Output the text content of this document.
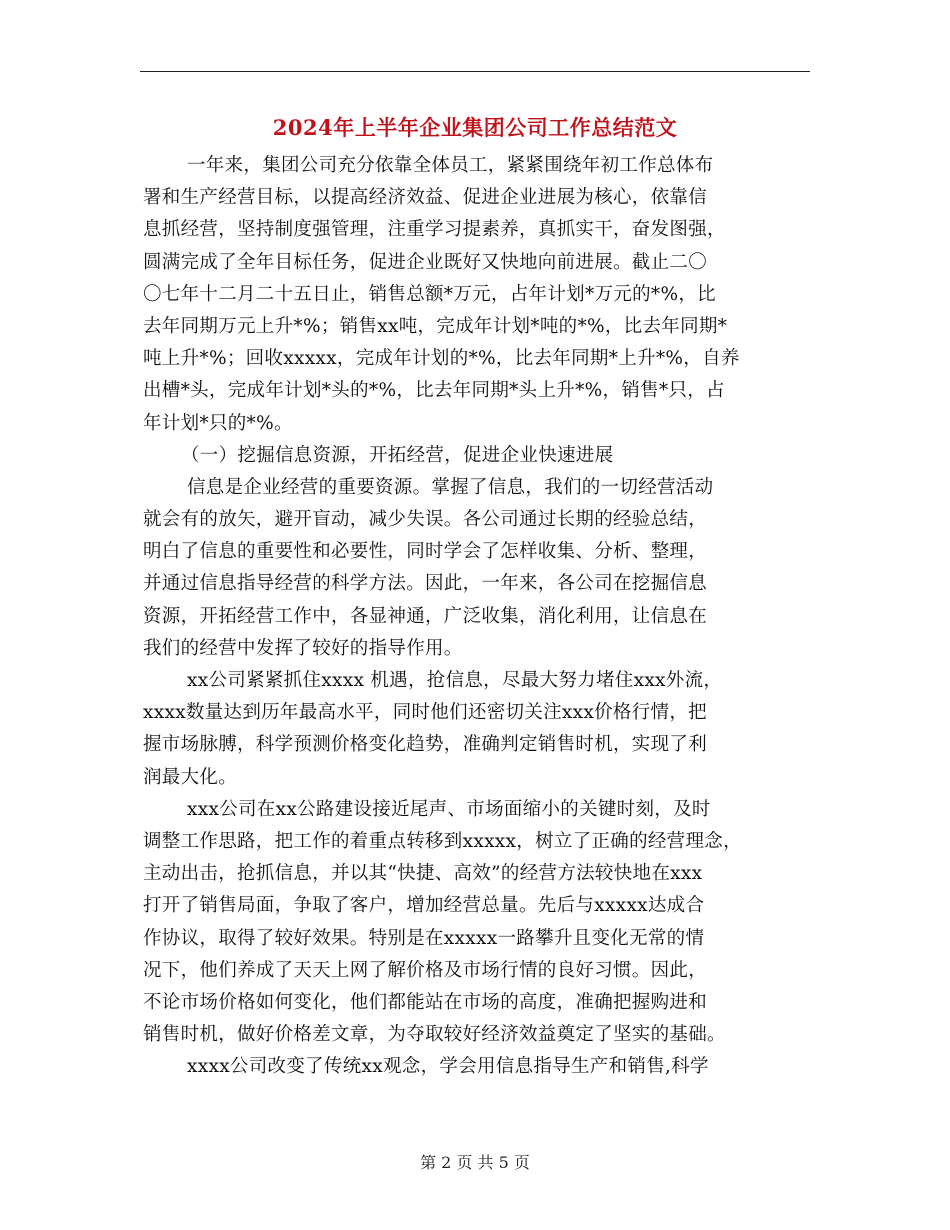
2024年上半年企业集团公司工作总结范文
一年来，集团公司充分依靠全体员工，紧紧围绕年初工作总体布
署和生产经营目标，以提高经济效益、促进企业进展为核心，依靠信
息抓经营，坚持制度强管理，注重学习提素养，真抓实干，奋发图强，
圆满完成了全年目标任务，促进企业既好又快地向前进展。截止二〇
〇七年十二月二十五日止，销售总额*万元，占年计划*万元的*%，比
去年同期万元上升*%；销售xx吨，完成年计划*吨的*%，比去年同期*
吨上升*%；回收xxxxx，完成年计划的*%，比去年同期*上升*%，自养
出槽*头，完成年计划*头的*%，比去年同期*头上升*%，销售*只，占
年计划*只的*%。
（一）挖掘信息资源，开拓经营，促进企业快速进展
信息是企业经营的重要资源。掌握了信息，我们的一切经营活动
就会有的放矢，避开盲动，减少失误。各公司通过长期的经验总结，
明白了信息的重要性和必要性，同时学会了怎样收集、分析、整理，
并通过信息指导经营的科学方法。因此，一年来，各公司在挖掘信息
资源，开拓经营工作中，各显神通，广泛收集，消化利用，让信息在
我们的经营中发挥了较好的指导作用。
xx公司紧紧抓住xxxx 机遇，抢信息，尽最大努力堵住xxx外流，
xxxx数量达到历年最高水平，同时他们还密切关注xxx价格行情，把
握市场脉膊，科学预测价格变化趋势，准确判定销售时机，实现了利
润最大化。
xxx公司在xx公路建设接近尾声、市场面缩小的关键时刻，及时
调整工作思路，把工作的着重点转移到xxxxx，树立了正确的经营理念，
主动出击，抢抓信息，并以其“快捷、高效”的经营方法较快地在xxx
打开了销售局面，争取了客户，增加经营总量。先后与xxxxx达成合
作协议，取得了较好效果。特别是在xxxxx一路攀升且变化无常的情
况下，他们养成了天天上网了解价格及市场行情的良好习惯。因此，
不论市场价格如何变化，他们都能站在市场的高度，准确把握购进和
销售时机，做好价格差文章，为夺取较好经济效益奠定了坚实的基础。
xxxx公司改变了传统xx观念，学会用信息指导生产和销售,科学
第 2 页 共 5 页
